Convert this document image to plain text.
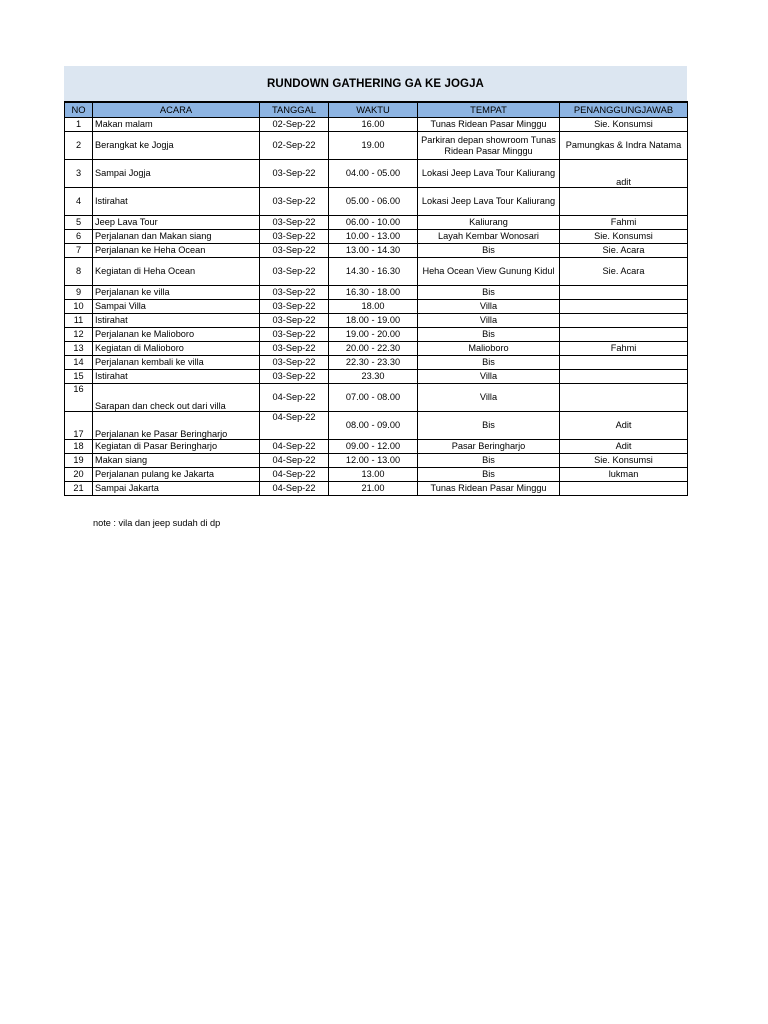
RUNDOWN GATHERING GA KE JOGJA
NO	ACARA	TANGGAL	WAKTU	TEMPAT	PENANGGUNGJAWAB
1	Makan malam	02-Sep-22	16.00	Tunas Ridean Pasar Minggu	Sie. Konsumsi
2	Berangkat ke Jogja	02-Sep-22	19.00	Parkiran depan showroom Tunas Ridean Pasar Minggu	Pamungkas & Indra Natama
3	Sampai Jogja	03-Sep-22	04.00 - 05.00	Lokasi Jeep Lava Tour Kaliurang	adit
4	Istirahat	03-Sep-22	05.00 - 06.00	Lokasi Jeep Lava Tour Kaliurang	
5	Jeep Lava Tour	03-Sep-22	06.00 - 10.00	Kaliurang	Fahmi
6	Perjalanan dan Makan siang	03-Sep-22	10.00 - 13.00	Layah Kembar Wonosari	Sie. Konsumsi
7	Perjalanan ke Heha Ocean	03-Sep-22	13.00 - 14.30	Bis	Sie. Acara
8	Kegiatan di Heha Ocean	03-Sep-22	14.30 - 16.30	Heha Ocean View Gunung Kidul	Sie. Acara
9	Perjalanan ke villa	03-Sep-22	16.30 - 18.00	Bis	
10	Sampai Villa	03-Sep-22	18.00	Villa	
11	Istirahat	03-Sep-22	18.00 - 19.00	Villa	
12	Perjalanan ke Malioboro	03-Sep-22	19.00 - 20.00	Bis	
13	Kegiatan di Malioboro	03-Sep-22	20.00 - 22.30	Malioboro	Fahmi
14	Perjalanan kembali ke villa	03-Sep-22	22.30 - 23.30	Bis	
15	Istirahat	03-Sep-22	23.30	Villa	
16	Sarapan dan check out dari villa	04-Sep-22	07.00 - 08.00	Villa	
17	Perjalanan ke Pasar Beringharjo	04-Sep-22	08.00 - 09.00	Bis	Adit
18	Kegiatan di Pasar Beringharjo	04-Sep-22	09.00 - 12.00	Pasar Beringharjo	Adit
19	Makan siang	04-Sep-22	12.00 - 13.00	Bis	Sie. Konsumsi
20	Perjalanan pulang ke Jakarta	04-Sep-22	13.00	Bis	lukman
21	Sampai Jakarta	04-Sep-22	21.00	Tunas Ridean Pasar Minggu	
note : vila dan jeep sudah di dp
